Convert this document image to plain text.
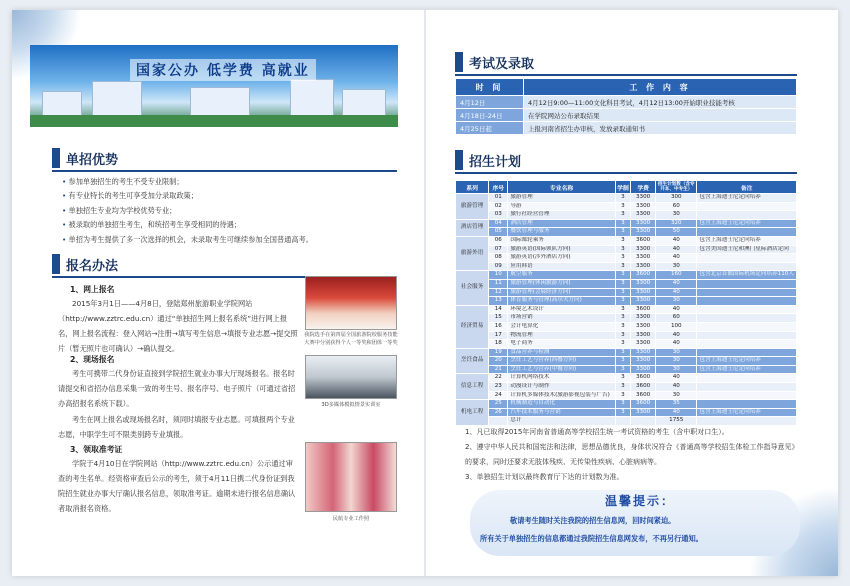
国家公办 低学费 高就业
单招优势
• 参加单独招生的考生不受专业限制；
• 有专业特长的考生可享受加分录取政策；
• 单独招生专业均为学校优势专业；
• 被录取的单独招生考生，和统招考生享受相同的待遇；
• 单招为考生提供了多一次选择的机会，未录取考生可继续参加全国普通高考。
报名办法
1、网上报名
2015年3月1日——4月8日，登陆郑州旅游职业学院网站（http://www.zztrc.edu.cn）通过“单独招生网上报名系统”进行网上报名，网上报名流程：登入网站→注册→填写考生信息→填报专业志愿→提交照片（暂无照片也可确认）→确认提交。
2、现场报名
考生可携带二代身份证直接到学院招生就业办事大厅现场报名。报名时请提交和省招办信息采集一致的考生号、报名序号、电子照片（可通过省招办高招报名系统下载）。
考生在网上报名或现场报名时，须同时填报专业志愿。可填报两个专业志愿，中职学生可不限类别跨专业填报。
3、领取准考证
学院于4月10日在学院网站（http://www.zztrc.edu.cn）公示通过审查的考生名单。经资格审查后公示的考生，须于4月11日携二代身份证到我院招生就业办事大厅确认报名信息，领取准考证。逾期未进行报名信息确认者取消报名资格。
我院选手在第四届全国旅游院校服务技能大赛中分别获得个人一等奖和团体一等奖
3D多媒体模拟情景实训室
民航专业工作照
考试及录取
时 间	工 作 内 容
4月12日	4月12日9:00—11:00文化科目考试，4月12日13:00开始职业技能考核
4月18日-24日	在学院网站公布录取结果
4月25日起	上报河南省招生办审核，发放录取通知书
招生计划
系列	序号	专业名称	学制	学费	招生计划数（含专升本、中专生）	备注
旅游管理	01	旅游管理	3	3300	300	包含上海迪士尼定向培养
	02	导游	3	3300	60	
	03	旅行社经营管理	3	3300	30	
酒店管理	04	酒店管理	3	3300	320	包含上海迪士尼定向培养
	05	餐饮管理与服务	3	3300	50	
旅游外语	06	国际邮轮乘务	3	3600	40	包含上海迪士尼定向培养
	07	旅游英语(国际领队方向)	3	3300	40	包含美国迪士尼和澳门星际酒店定向
	08	旅游英语(涉外酒店方向)	3	3300	40	
	09	应用韩语	3	3300	30	
社会服务	10	航空服务	3	3600	160	包含北京首都国际机场定向培养110人
	11	旅游管理(休闲旅游方向)	3	3300	40	
	12	旅游管理(会展经济方向)	3	3300	40	
	13	体育服务与管理(高尔夫方向)	3	3300	30	
经济贸易	14	环境艺术设计	3	3600	40	
	15	市场营销	3	3300	60	
	16	会计电算化	3	3300	100	
	17	物流管理	3	3300	40	
	18	电子商务	3	3300	40	
烹饪食品	19	食品营养与检测	3	3300	30	
	20	烹饪工艺与营养(西餐方向)	3	3300	30	包含上海迪士尼定向培养
	21	烹饪工艺与营养(中餐方向)	3	3300	30	包含上海迪士尼定向培养
信息工程	22	计算机网络技术	3	3600	40	
	23	动漫设计与制作	3	3600	40	
	24	计算机多媒体技术(旅游影视包装与广告)	3	3600	30	
机电工程	25	机械制造与自动化	3	3600	35	
	26	汽车技术服务与营销	3	3300	40	包含上海迪士尼定向培养
		总计			1755	
1、凡已取得2015年河南省普通高等学校招生统一考试资格的考生（含中职对口生）。
2、遵守中华人民共和国宪法和法律，思想品德优良，身体状况符合《普通高等学校招生体检工作指导意见》的要求，同时还要求无肢体残疾、无传染性疾病、心脏病病等。
3、单独招生计划以最终教育厅下达的计划数为准。
温馨提示：
敬请考生随时关注我院的招生信息网，回时间紧迫。
所有关于单独招生的信息都通过我院招生信息网发布，不再另行通知。
